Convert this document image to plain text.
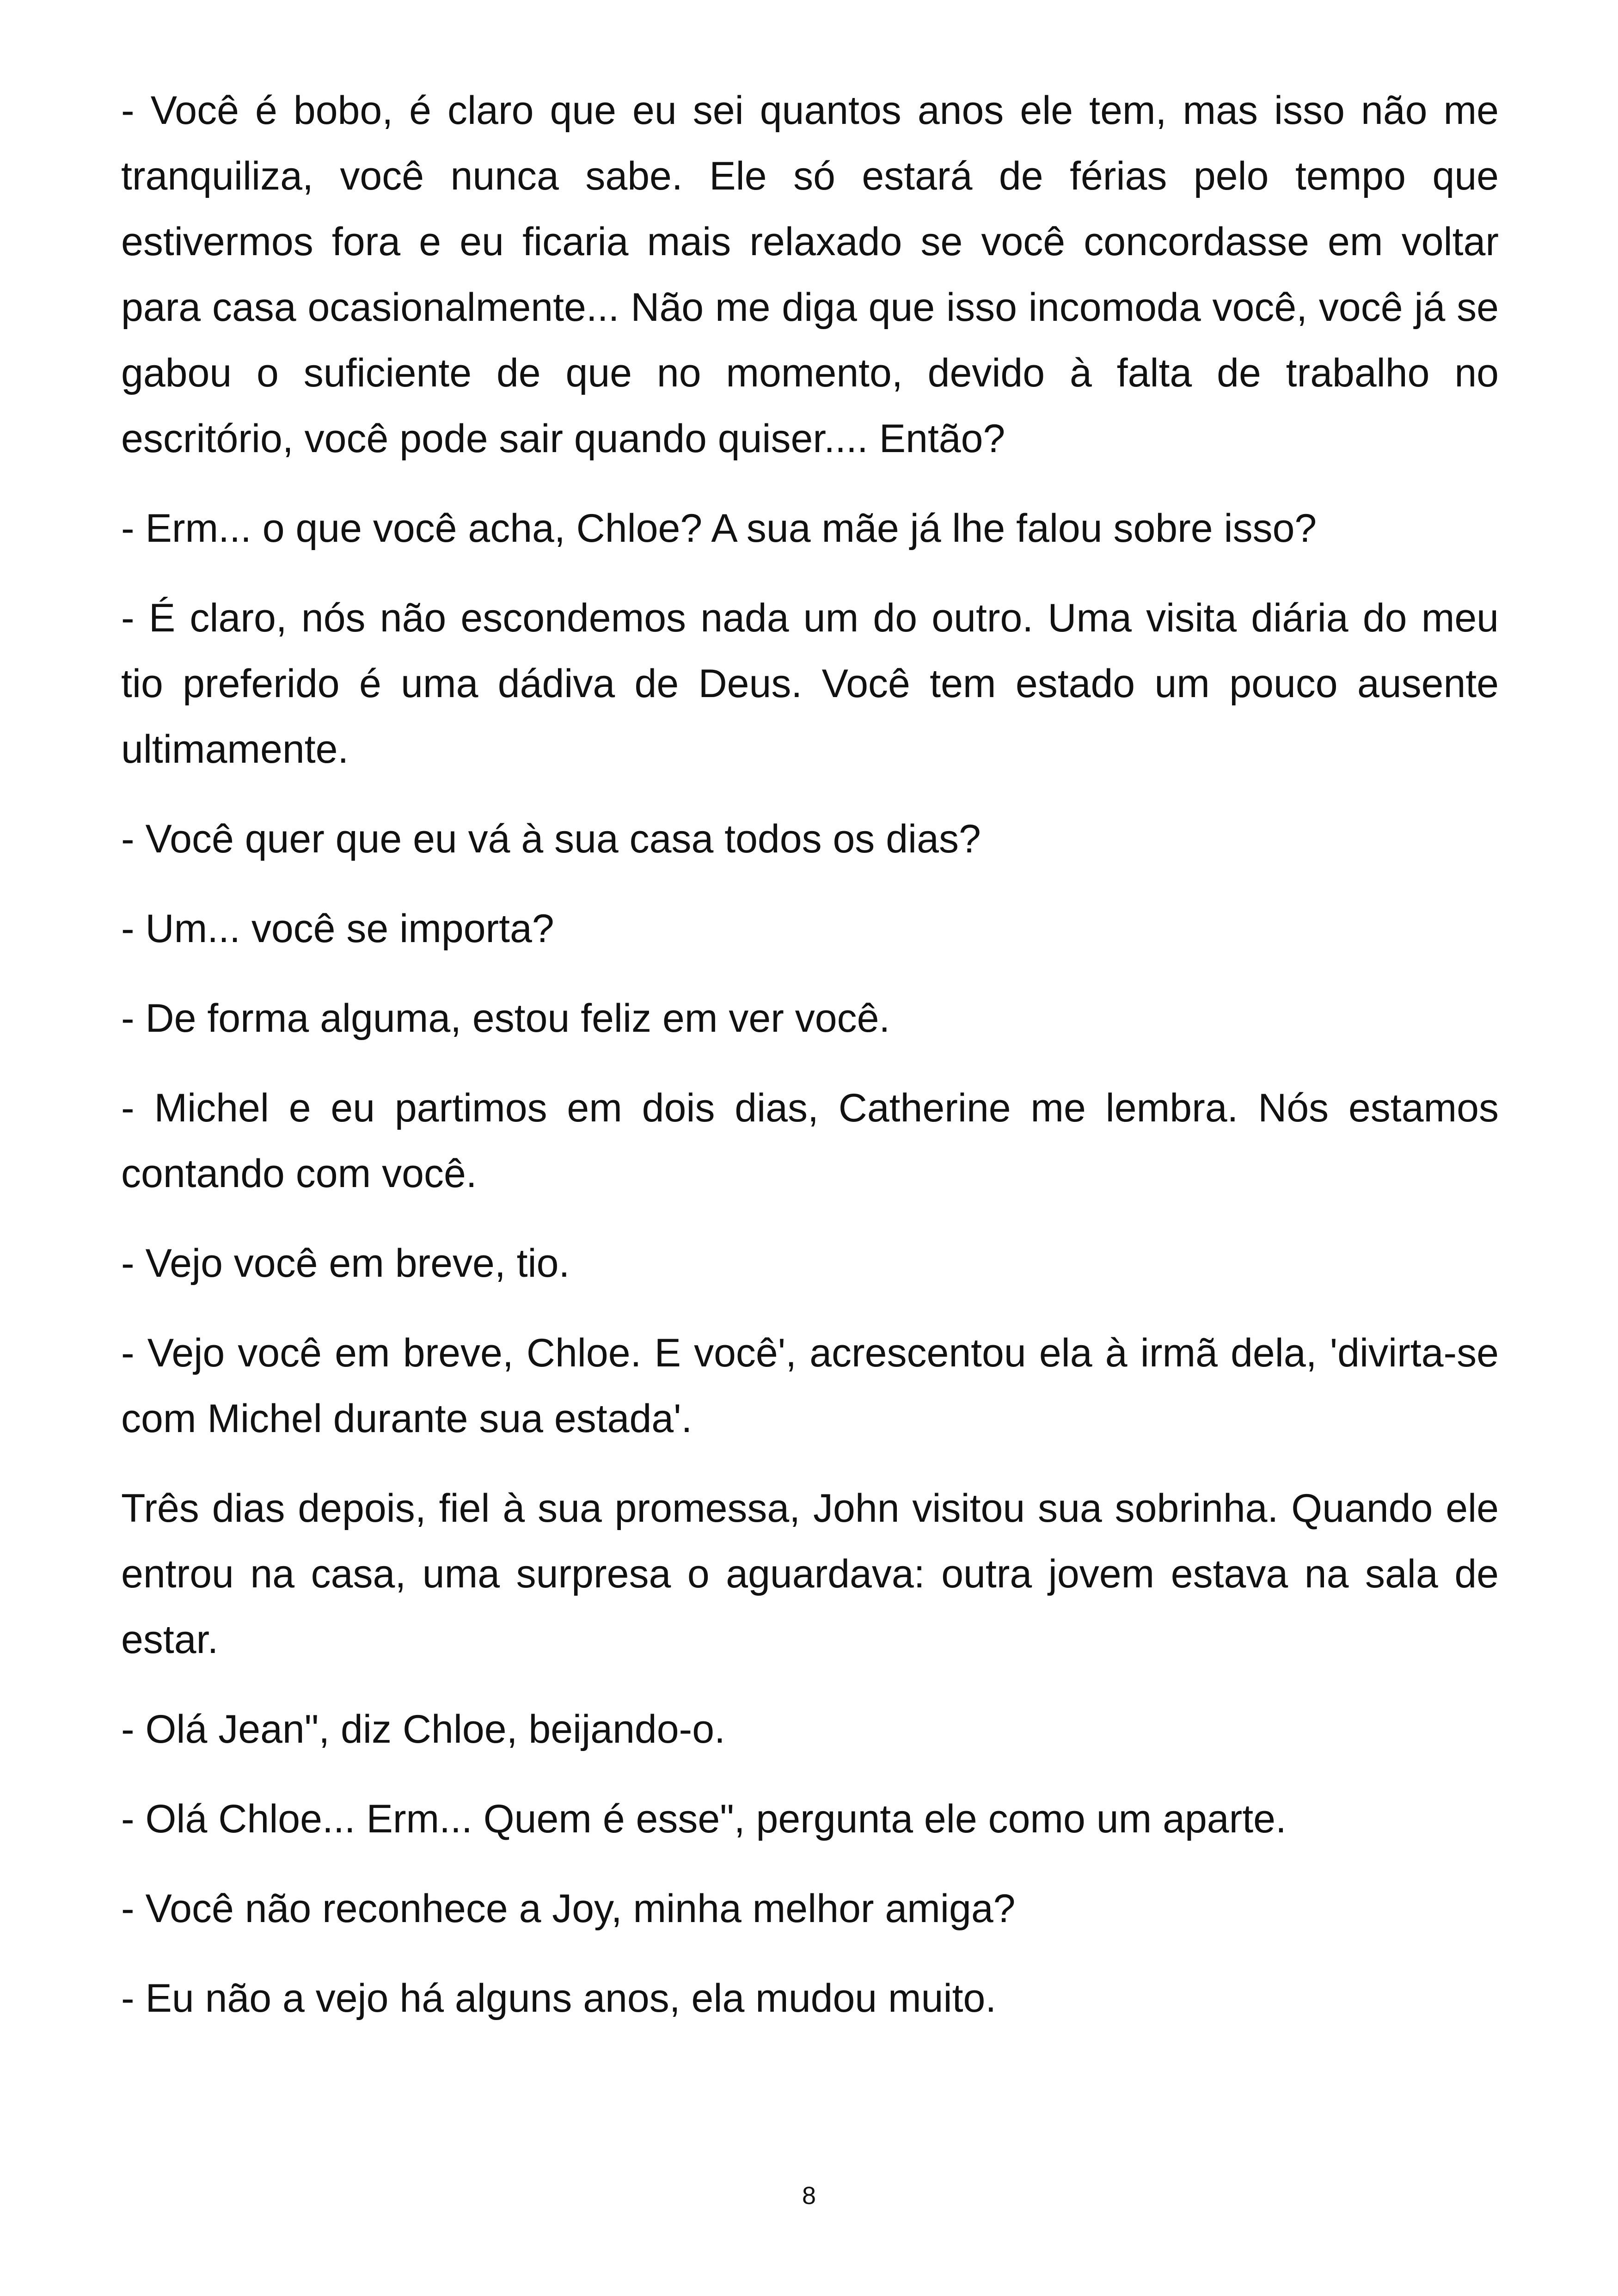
- Você é bobo, é claro que eu sei quantos anos ele tem, mas isso não me tranquiliza, você nunca sabe. Ele só estará de férias pelo tempo que estivermos fora e eu ficaria mais relaxado se você concordasse em voltar para casa ocasionalmente... Não me diga que isso incomoda você, você já se gabou o suficiente de que no momento, devido à falta de trabalho no escritório, você pode sair quando quiser.... Então?

- Erm... o que você acha, Chloe? A sua mãe já lhe falou sobre isso?

- É claro, nós não escondemos nada um do outro. Uma visita diária do meu tio preferido é uma dádiva de Deus. Você tem estado um pouco ausente ultimamente.

- Você quer que eu vá à sua casa todos os dias?

- Um... você se importa?

- De forma alguma, estou feliz em ver você.

- Michel e eu partimos em dois dias, Catherine me lembra. Nós estamos contando com você.

- Vejo você em breve, tio.

- Vejo você em breve, Chloe. E você', acrescentou ela à irmã dela, 'divirta-se com Michel durante sua estada'.

Três dias depois, fiel à sua promessa, John visitou sua sobrinha. Quando ele entrou na casa, uma surpresa o aguardava: outra jovem estava na sala de estar.

- Olá Jean", diz Chloe, beijando-o.

- Olá Chloe... Erm... Quem é esse", pergunta ele como um aparte.

- Você não reconhece a Joy, minha melhor amiga?

- Eu não a vejo há alguns anos, ela mudou muito.

8
